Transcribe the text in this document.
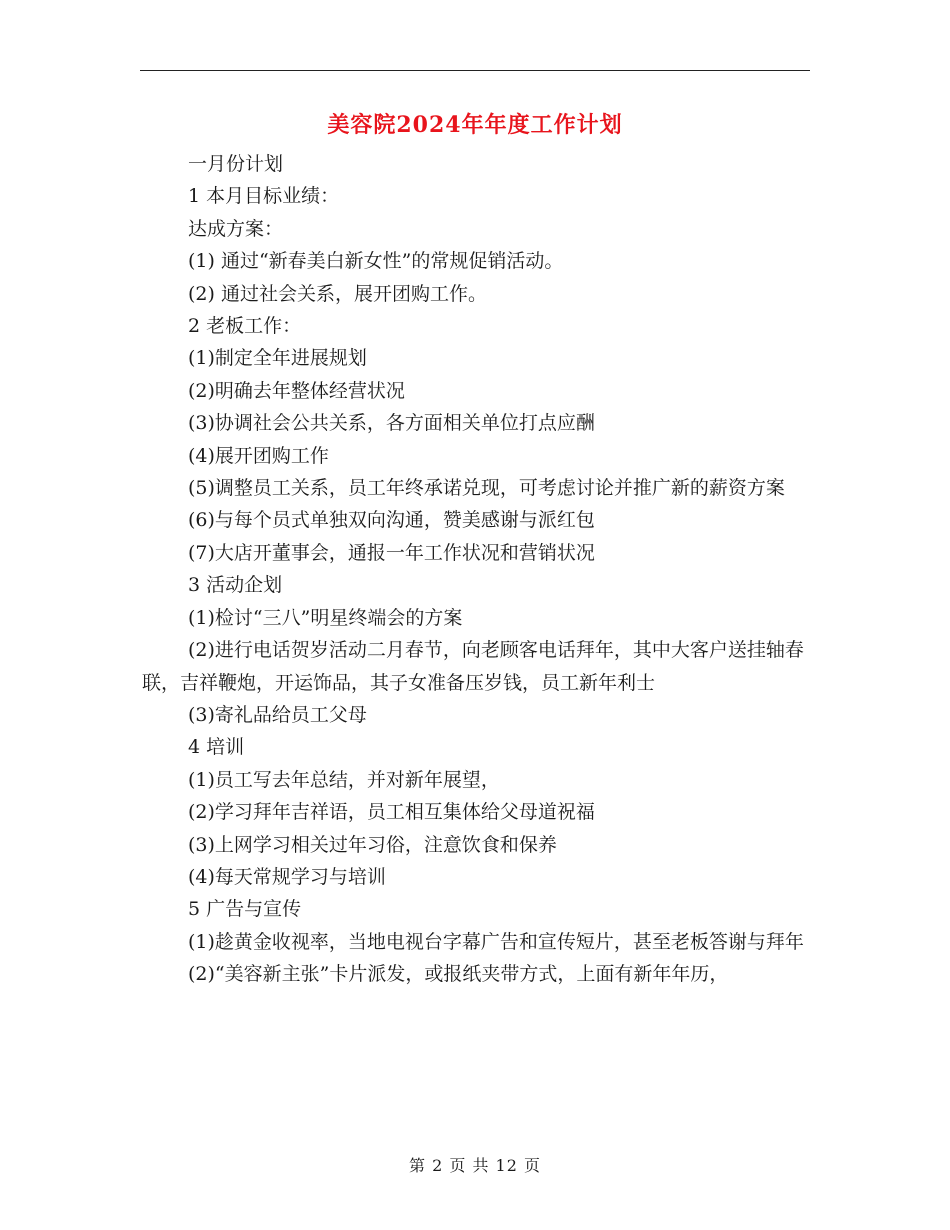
美容院2024年年度工作计划

一月份计划

1 本月目标业绩：

达成方案：

(1) 通过“新春美白新女性”的常规促销活动。

(2) 通过社会关系，展开团购工作。

2 老板工作：

(1)制定全年进展规划

(2)明确去年整体经营状况

(3)协调社会公共关系，各方面相关单位打点应酬

(4)展开团购工作

(5)调整员工关系，员工年终承诺兑现，可考虑讨论并推广新的薪资方案

(6)与每个员式单独双向沟通，赞美感谢与派红包

(7)大店开董事会，通报一年工作状况和营销状况

3 活动企划

(1)检讨“三八”明星终端会的方案

(2)进行电话贺岁活动二月春节，向老顾客电话拜年，其中大客户送挂轴春联，吉祥鞭炮，开运饰品，其子女准备压岁钱，员工新年利士

(3)寄礼品给员工父母

4 培训

(1)员工写去年总结，并对新年展望，

(2)学习拜年吉祥语，员工相互集体给父母道祝福

(3)上网学习相关过年习俗，注意饮食和保养

(4)每天常规学习与培训

5 广告与宣传

(1)趁黄金收视率，当地电视台字幕广告和宣传短片，甚至老板答谢与拜年

(2)“美容新主张”卡片派发，或报纸夹带方式，上面有新年年历，

第 2 页 共 12 页
